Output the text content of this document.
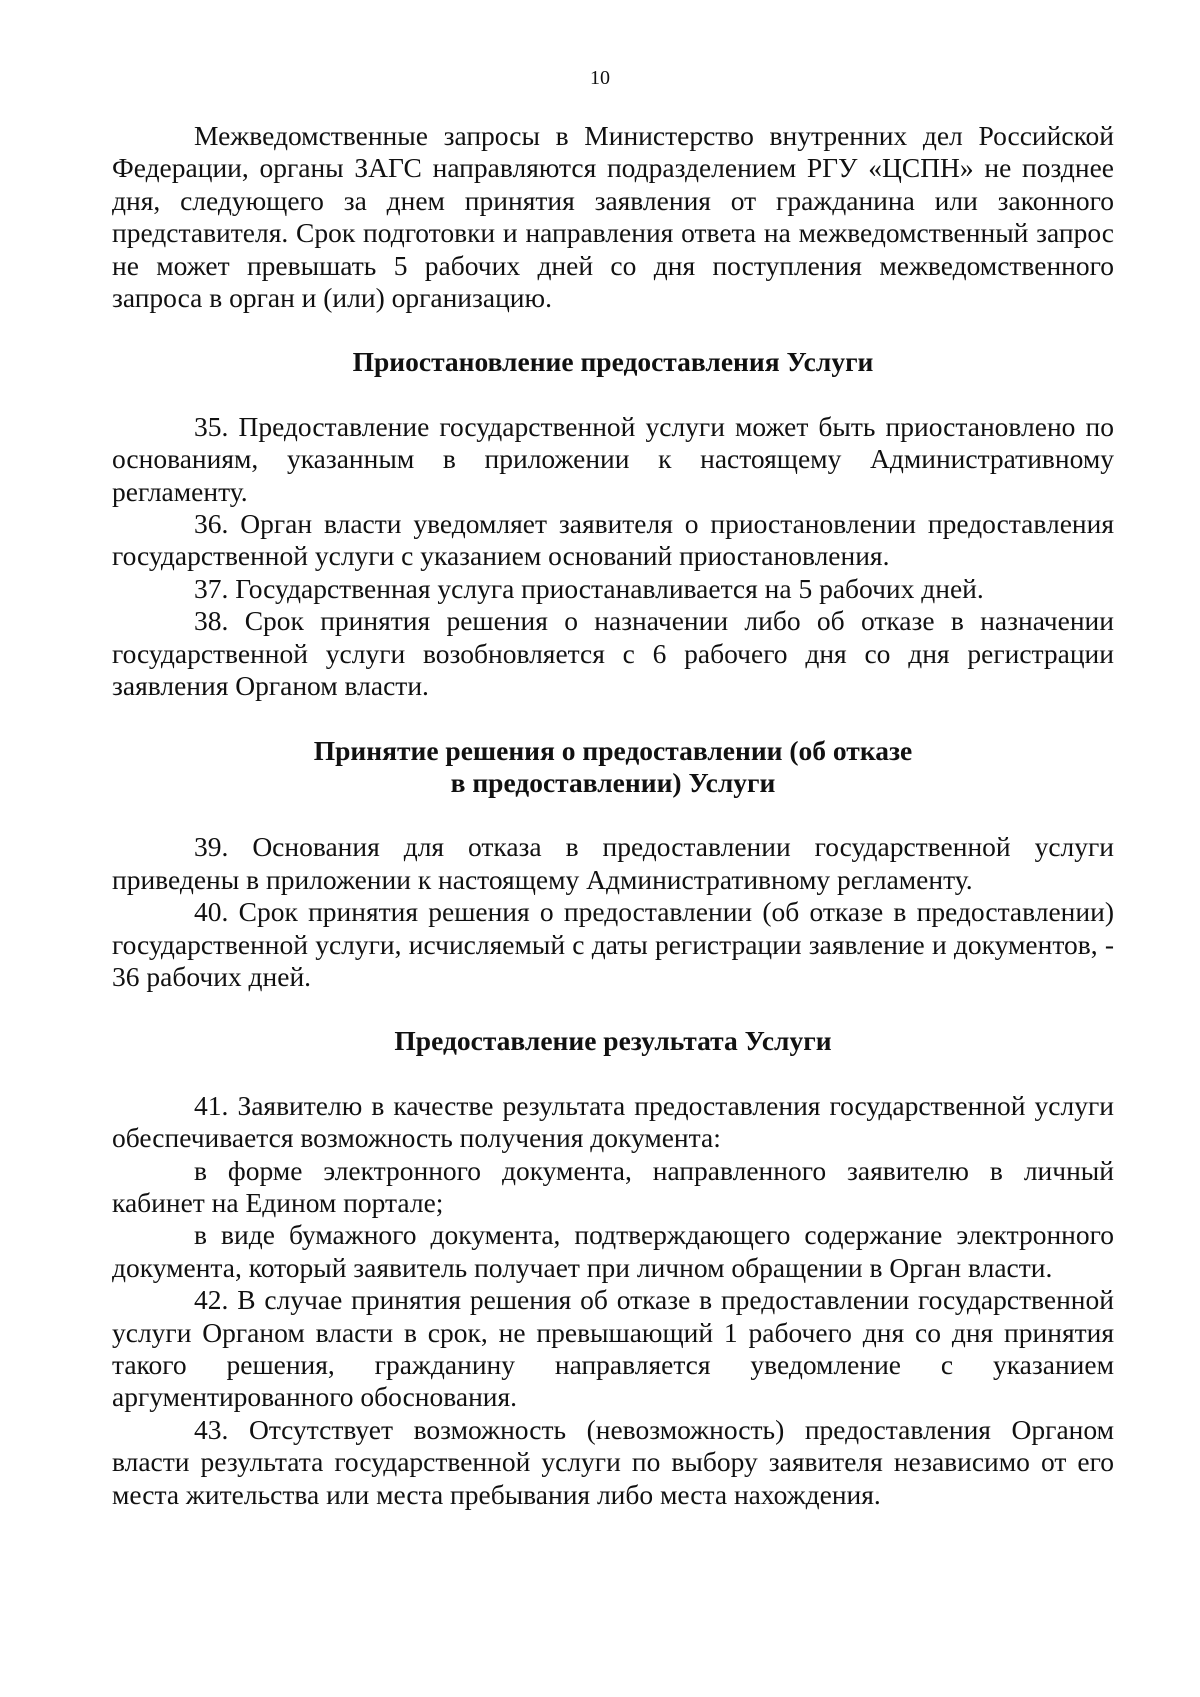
10

Межведомственные запросы в Министерство внутренних дел Российской Федерации, органы ЗАГС направляются подразделением РГУ «ЦСПН» не позднее дня, следующего за днем принятия заявления от гражданина или законного представителя. Срок подготовки и направления ответа на межведомственный запрос не может превышать 5 рабочих дней со дня поступления межведомственного запроса в орган и (или) организацию.

Приостановление предоставления Услуги

35. Предоставление государственной услуги может быть приостановлено по основаниям, указанным в приложении к настоящему Административному регламенту.

36. Орган власти уведомляет заявителя о приостановлении предоставления государственной услуги с указанием оснований приостановления.

37. Государственная услуга приостанавливается на 5 рабочих дней.

38. Срок принятия решения о назначении либо об отказе в назначении государственной услуги возобновляется с 6 рабочего дня со дня регистрации заявления Органом власти.

Принятие решения о предоставлении (об отказе
в предоставлении) Услуги

39. Основания для отказа в предоставлении государственной услуги приведены в приложении к настоящему Административному регламенту.

40. Срок принятия решения о предоставлении (об отказе в предоставлении) государственной услуги, исчисляемый с даты регистрации заявление и документов, - 36 рабочих дней.

Предоставление результата Услуги

41. Заявителю в качестве результата предоставления государственной услуги обеспечивается возможность получения документа:

в форме электронного документа, направленного заявителю в личный кабинет на Едином портале;

в виде бумажного документа, подтверждающего содержание электронного документа, который заявитель получает при личном обращении в Орган власти.

42. В случае принятия решения об отказе в предоставлении государственной услуги Органом власти в срок, не превышающий 1 рабочего дня со дня принятия такого решения, гражданину направляется уведомление с указанием аргументированного обоснования.

43. Отсутствует возможность (невозможность) предоставления Органом власти результата государственной услуги по выбору заявителя независимо от его места жительства или места пребывания либо места нахождения.
